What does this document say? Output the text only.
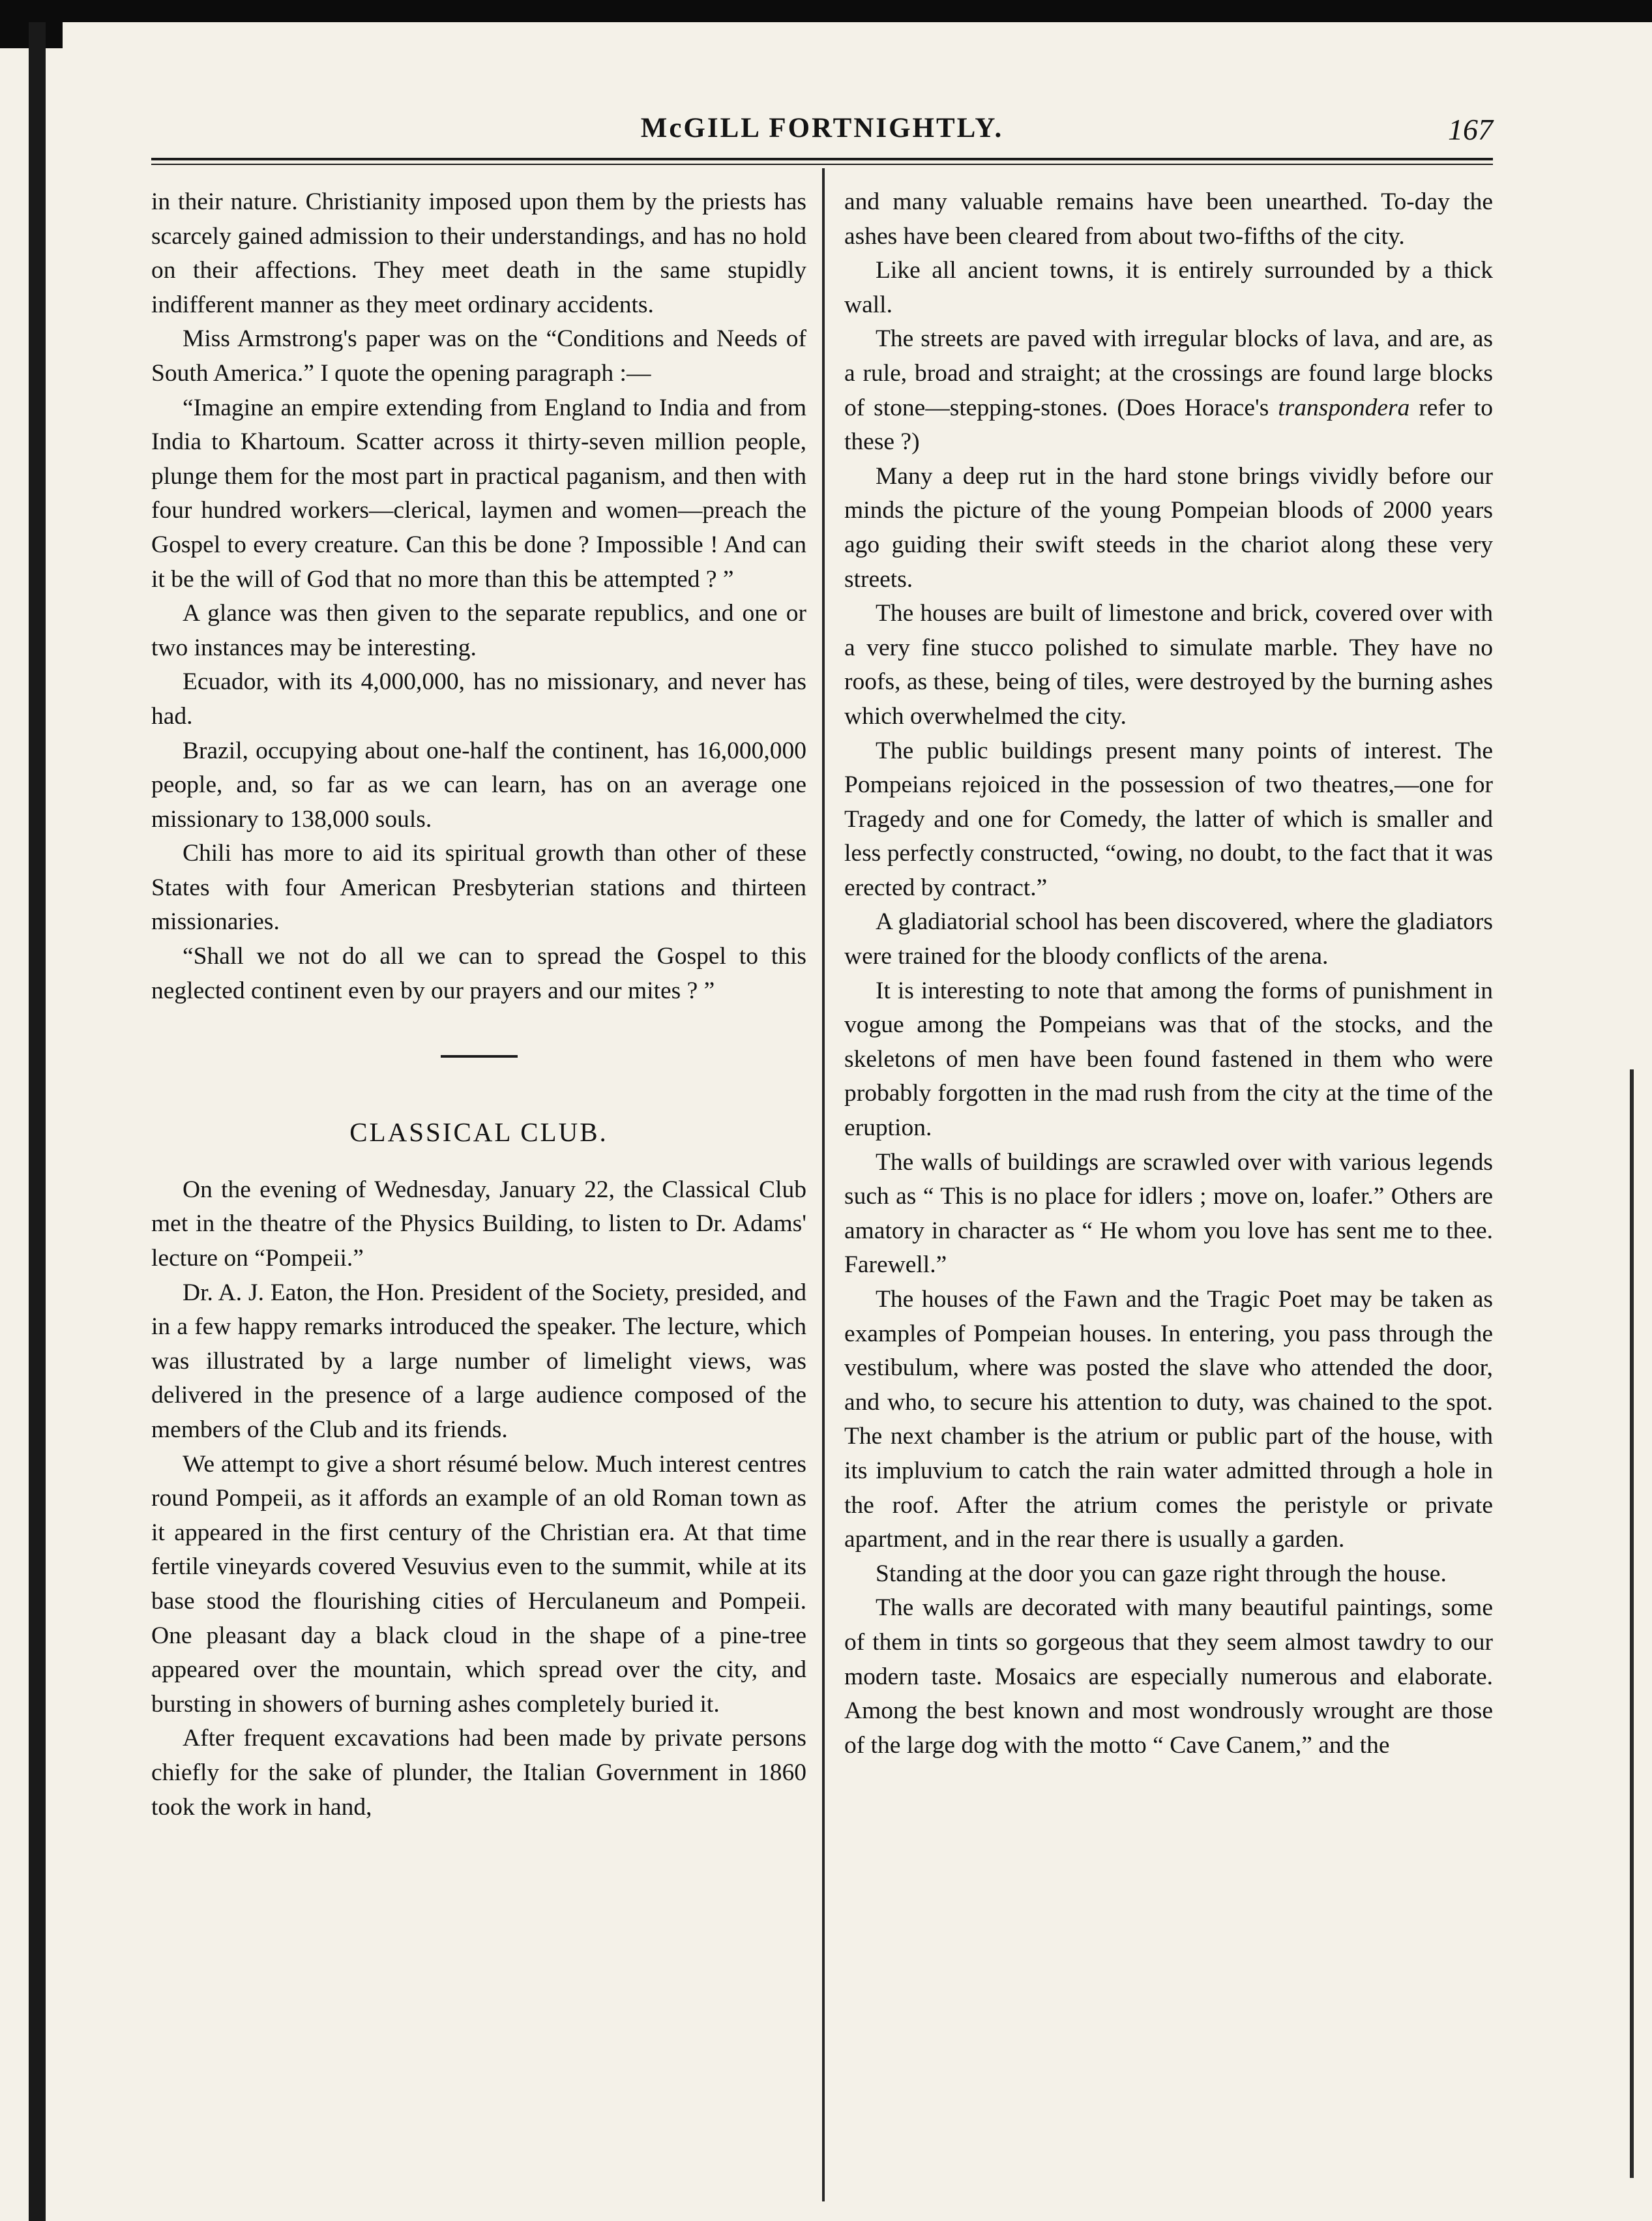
McGILL FORTNIGHTLY.	167

in their nature. Christianity imposed upon them by the priests has scarcely gained admission to their understandings, and has no hold on their affections. They meet death in the same stupidly indifferent manner as they meet ordinary accidents.

Miss Armstrong's paper was on the “Conditions and Needs of South America.” I quote the opening paragraph :—

“Imagine an empire extending from England to India and from India to Khartoum. Scatter across it thirty-seven million people, plunge them for the most part in practical paganism, and then with four hundred workers—clerical, laymen and women—preach the Gospel to every creature. Can this be done ? Impossible ! And can it be the will of God that no more than this be attempted ? ”

A glance was then given to the separate republics, and one or two instances may be interesting.

Ecuador, with its 4,000,000, has no missionary, and never has had.

Brazil, occupying about one-half the continent, has 16,000,000 people, and, so far as we can learn, has on an average one missionary to 138,000 souls.

Chili has more to aid its spiritual growth than other of these States with four American Presbyterian stations and thirteen missionaries.

“Shall we not do all we can to spread the Gospel to this neglected continent even by our prayers and our mites ? ”

CLASSICAL CLUB.

On the evening of Wednesday, January 22, the Classical Club met in the theatre of the Physics Building, to listen to Dr. Adams' lecture on “Pompeii.”

Dr. A. J. Eaton, the Hon. President of the Society, presided, and in a few happy remarks introduced the speaker. The lecture, which was illustrated by a large number of limelight views, was delivered in the presence of a large audience composed of the members of the Club and its friends.

We attempt to give a short résumé below. Much interest centres round Pompeii, as it affords an example of an old Roman town as it appeared in the first century of the Christian era. At that time fertile vineyards covered Vesuvius even to the summit, while at its base stood the flourishing cities of Herculaneum and Pompeii. One pleasant day a black cloud in the shape of a pine-tree appeared over the mountain, which spread over the city, and bursting in showers of burning ashes completely buried it.

After frequent excavations had been made by private persons chiefly for the sake of plunder, the Italian Government in 1860 took the work in hand,

and many valuable remains have been unearthed. To-day the ashes have been cleared from about two-fifths of the city.

Like all ancient towns, it is entirely surrounded by a thick wall.

The streets are paved with irregular blocks of lava, and are, as a rule, broad and straight; at the crossings are found large blocks of stone—stepping-stones. (Does Horace's transpondera refer to these ?)

Many a deep rut in the hard stone brings vividly before our minds the picture of the young Pompeian bloods of 2000 years ago guiding their swift steeds in the chariot along these very streets.

The houses are built of limestone and brick, covered over with a very fine stucco polished to simulate marble. They have no roofs, as these, being of tiles, were destroyed by the burning ashes which overwhelmed the city.

The public buildings present many points of interest. The Pompeians rejoiced in the possession of two theatres,—one for Tragedy and one for Comedy, the latter of which is smaller and less perfectly constructed, “owing, no doubt, to the fact that it was erected by contract.”

A gladiatorial school has been discovered, where the gladiators were trained for the bloody conflicts of the arena.

It is interesting to note that among the forms of punishment in vogue among the Pompeians was that of the stocks, and the skeletons of men have been found fastened in them who were probably forgotten in the mad rush from the city at the time of the eruption.

The walls of buildings are scrawled over with various legends such as “ This is no place for idlers ; move on, loafer.” Others are amatory in character as “ He whom you love has sent me to thee. Farewell.”

The houses of the Fawn and the Tragic Poet may be taken as examples of Pompeian houses. In entering, you pass through the vestibulum, where was posted the slave who attended the door, and who, to secure his attention to duty, was chained to the spot. The next chamber is the atrium or public part of the house, with its impluvium to catch the rain water admitted through a hole in the roof. After the atrium comes the peristyle or private apartment, and in the rear there is usually a garden.

Standing at the door you can gaze right through the house.

The walls are decorated with many beautiful paintings, some of them in tints so gorgeous that they seem almost tawdry to our modern taste. Mosaics are especially numerous and elaborate. Among the best known and most wondrously wrought are those of the large dog with the motto “ Cave Canem,” and the
